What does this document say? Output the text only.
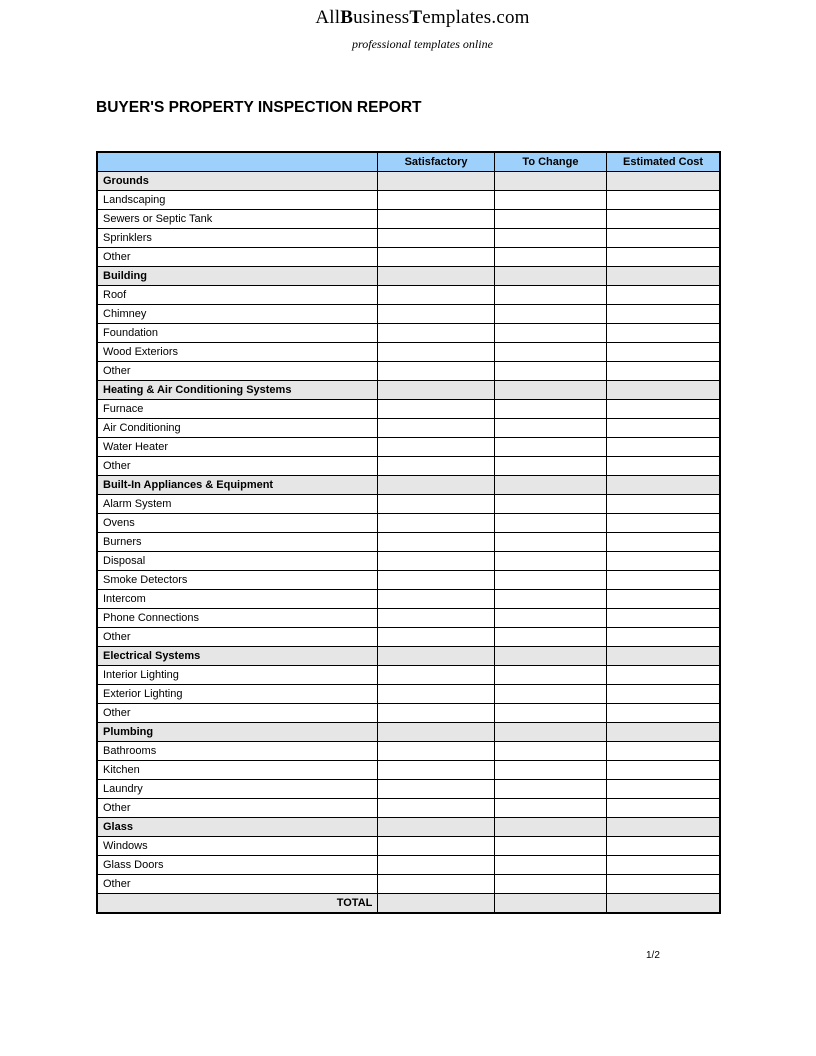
AllBusinessTemplates.com
professional templates online
BUYER'S PROPERTY INSPECTION REPORT
	Satisfactory	To Change	Estimated Cost
Grounds			
Landscaping			
Sewers or Septic Tank			
Sprinklers			
Other			
Building			
Roof			
Chimney			
Foundation			
Wood Exteriors			
Other			
Heating & Air Conditioning Systems			
Furnace			
Air Conditioning			
Water Heater			
Other			
Built-In Appliances & Equipment			
Alarm System			
Ovens			
Burners			
Disposal			
Smoke Detectors			
Intercom			
Phone Connections			
Other			
Electrical Systems			
Interior Lighting			
Exterior Lighting			
Other			
Plumbing			
Bathrooms			
Kitchen			
Laundry			
Other			
Glass			
Windows			
Glass Doors			
Other			
TOTAL			
1/2
